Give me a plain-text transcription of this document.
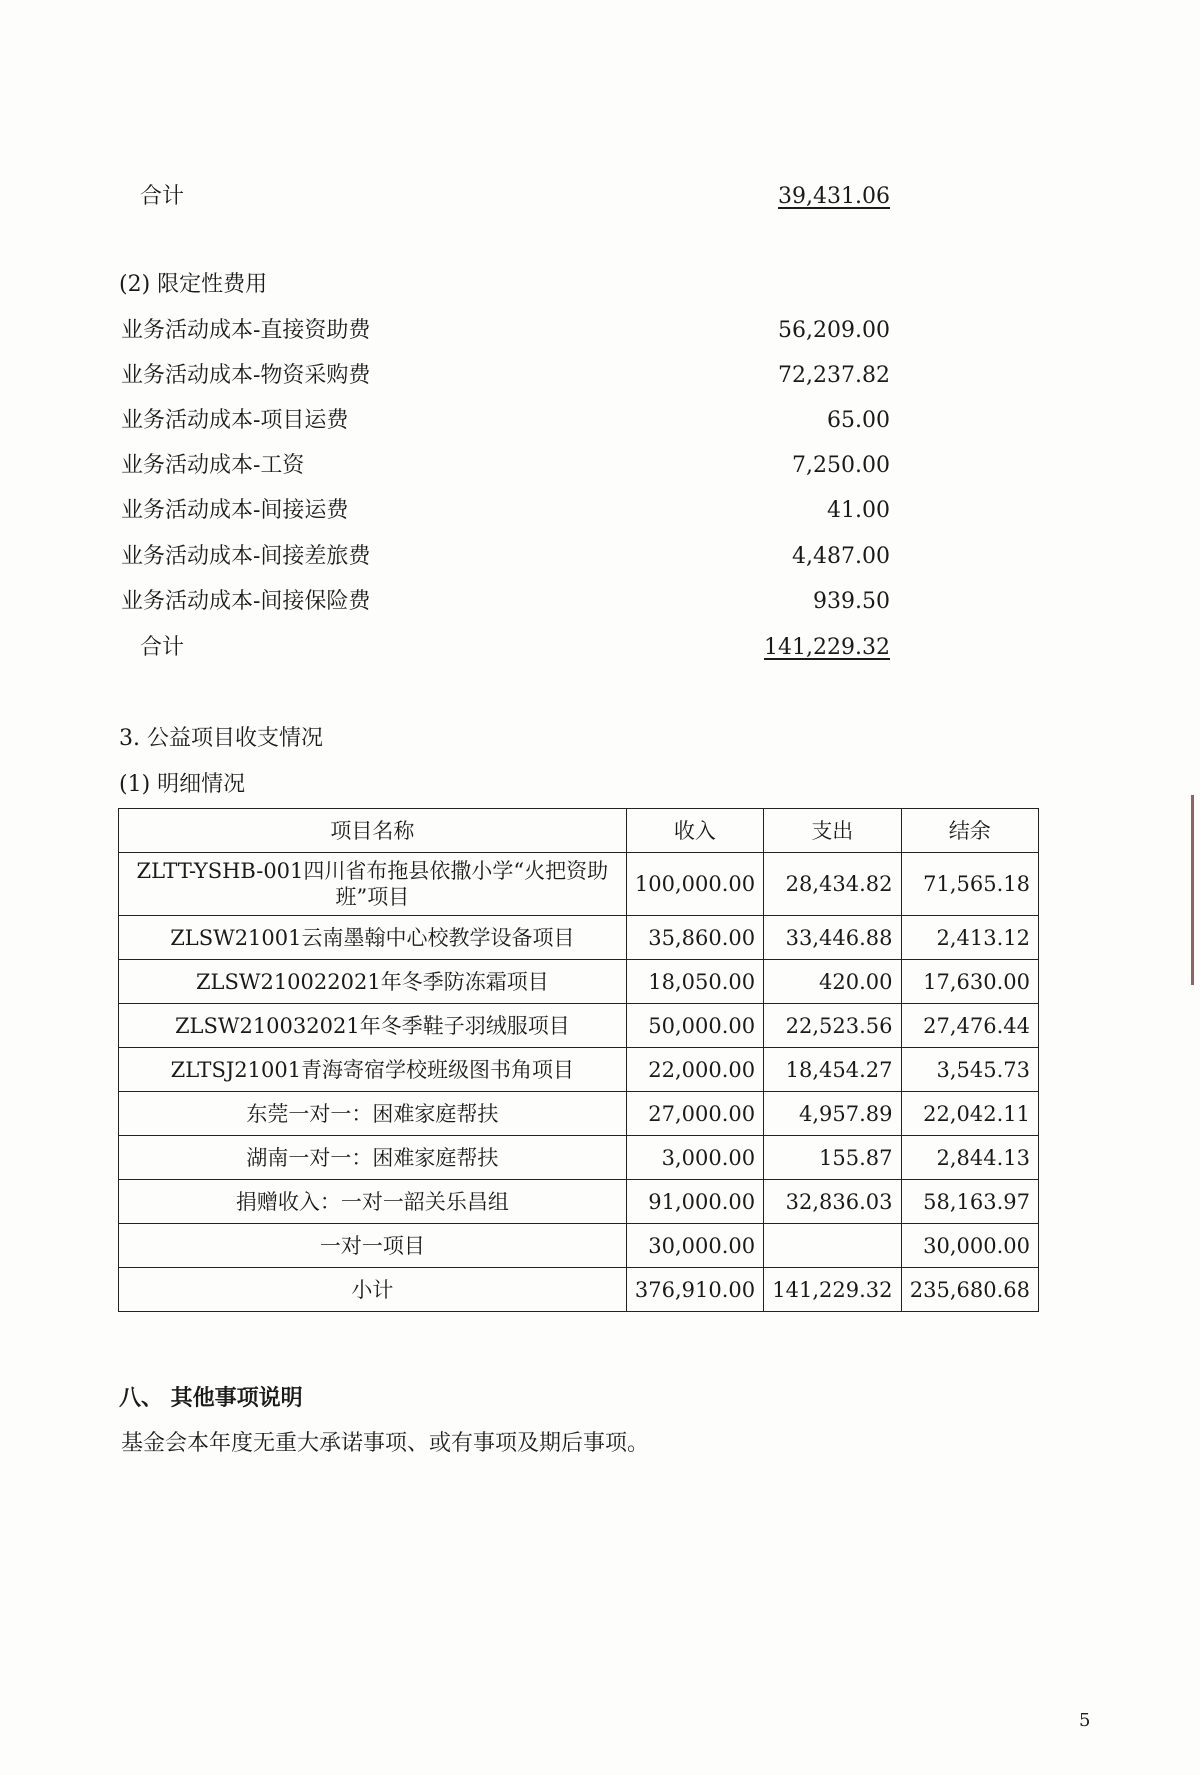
合计	39,431.06
(2) 限定性费用
业务活动成本-直接资助费	56,209.00
业务活动成本-物资采购费	72,237.82
业务活动成本-项目运费	65.00
业务活动成本-工资	7,250.00
业务活动成本-间接运费	41.00
业务活动成本-间接差旅费	4,487.00
业务活动成本-间接保险费	939.50
合计	141,229.32
3. 公益项目收支情况
(1) 明细情况
项目名称	收入	支出	结余
ZLTT-YSHB-001四川省布拖县依撒小学“火把资助班”项目	100,000.00	28,434.82	71,565.18
ZLSW21001云南墨翰中心校教学设备项目	35,860.00	33,446.88	2,413.12
ZLSW210022021年冬季防冻霜项目	18,050.00	420.00	17,630.00
ZLSW210032021年冬季鞋子羽绒服项目	50,000.00	22,523.56	27,476.44
ZLTSJ21001青海寄宿学校班级图书角项目	22,000.00	18,454.27	3,545.73
东莞一对一：困难家庭帮扶	27,000.00	4,957.89	22,042.11
湖南一对一：困难家庭帮扶	3,000.00	155.87	2,844.13
捐赠收入：一对一韶关乐昌组	91,000.00	32,836.03	58,163.97
一对一项目	30,000.00		30,000.00
小计	376,910.00	141,229.32	235,680.68
八、 其他事项说明
基金会本年度无重大承诺事项、或有事项及期后事项。
5
